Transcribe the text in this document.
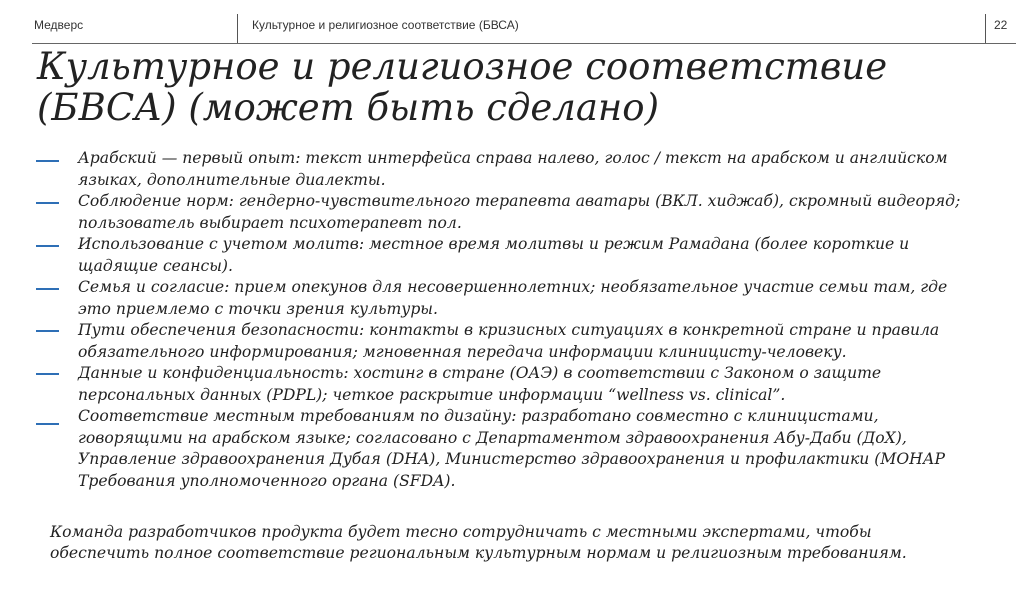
Медверс	Культурное и религиозное соответствие (БВСА)	22
Культурное и религиозное соответствие (БВСА) (может быть сделано)

Арабский — первый опыт: текст интерфейса справа налево, голос / текст на арабском и английском языках, дополнительные диалекты.

Соблюдение норм: гендерно-чувствительного терапевта аватары (ВКЛ. хиджаб), скромный видеоряд; пользователь выбирает психотерапевт пол.

Использование с учетом молитв: местное время молитвы и режим Рамадана (более короткие и щадящие сеансы).

Семья и согласие: прием опекунов для несовершеннолетних; необязательное участие семьи там, где это приемлемо с точки зрения культуры.

Пути обеспечения безопасности: контакты в кризисных ситуациях в конкретной стране и правила обязательного информирования; мгновенная передача информации клиницисту-человеку.

Данные и конфиденциальность: хостинг в стране (ОАЭ) в соответствии с Законом о защите персональных данных (PDPL); четкое раскрытие информации “wellness vs. clinical”.

Соответствие местным требованиям по дизайну: разработано совместно с клиницистами, говорящими на арабском языке; согласовано с Департаментом здравоохранения Абу-Даби (ДоХ), Управление здравоохранения Дубая (DHA), Министерство здравоохранения и профилактики (МОНАР Требования уполномоченного органа (SFDA).

Команда разработчиков продукта будет тесно сотрудничать с местными экспертами, чтобы обеспечить полное соответствие региональным культурным нормам и религиозным требованиям.
